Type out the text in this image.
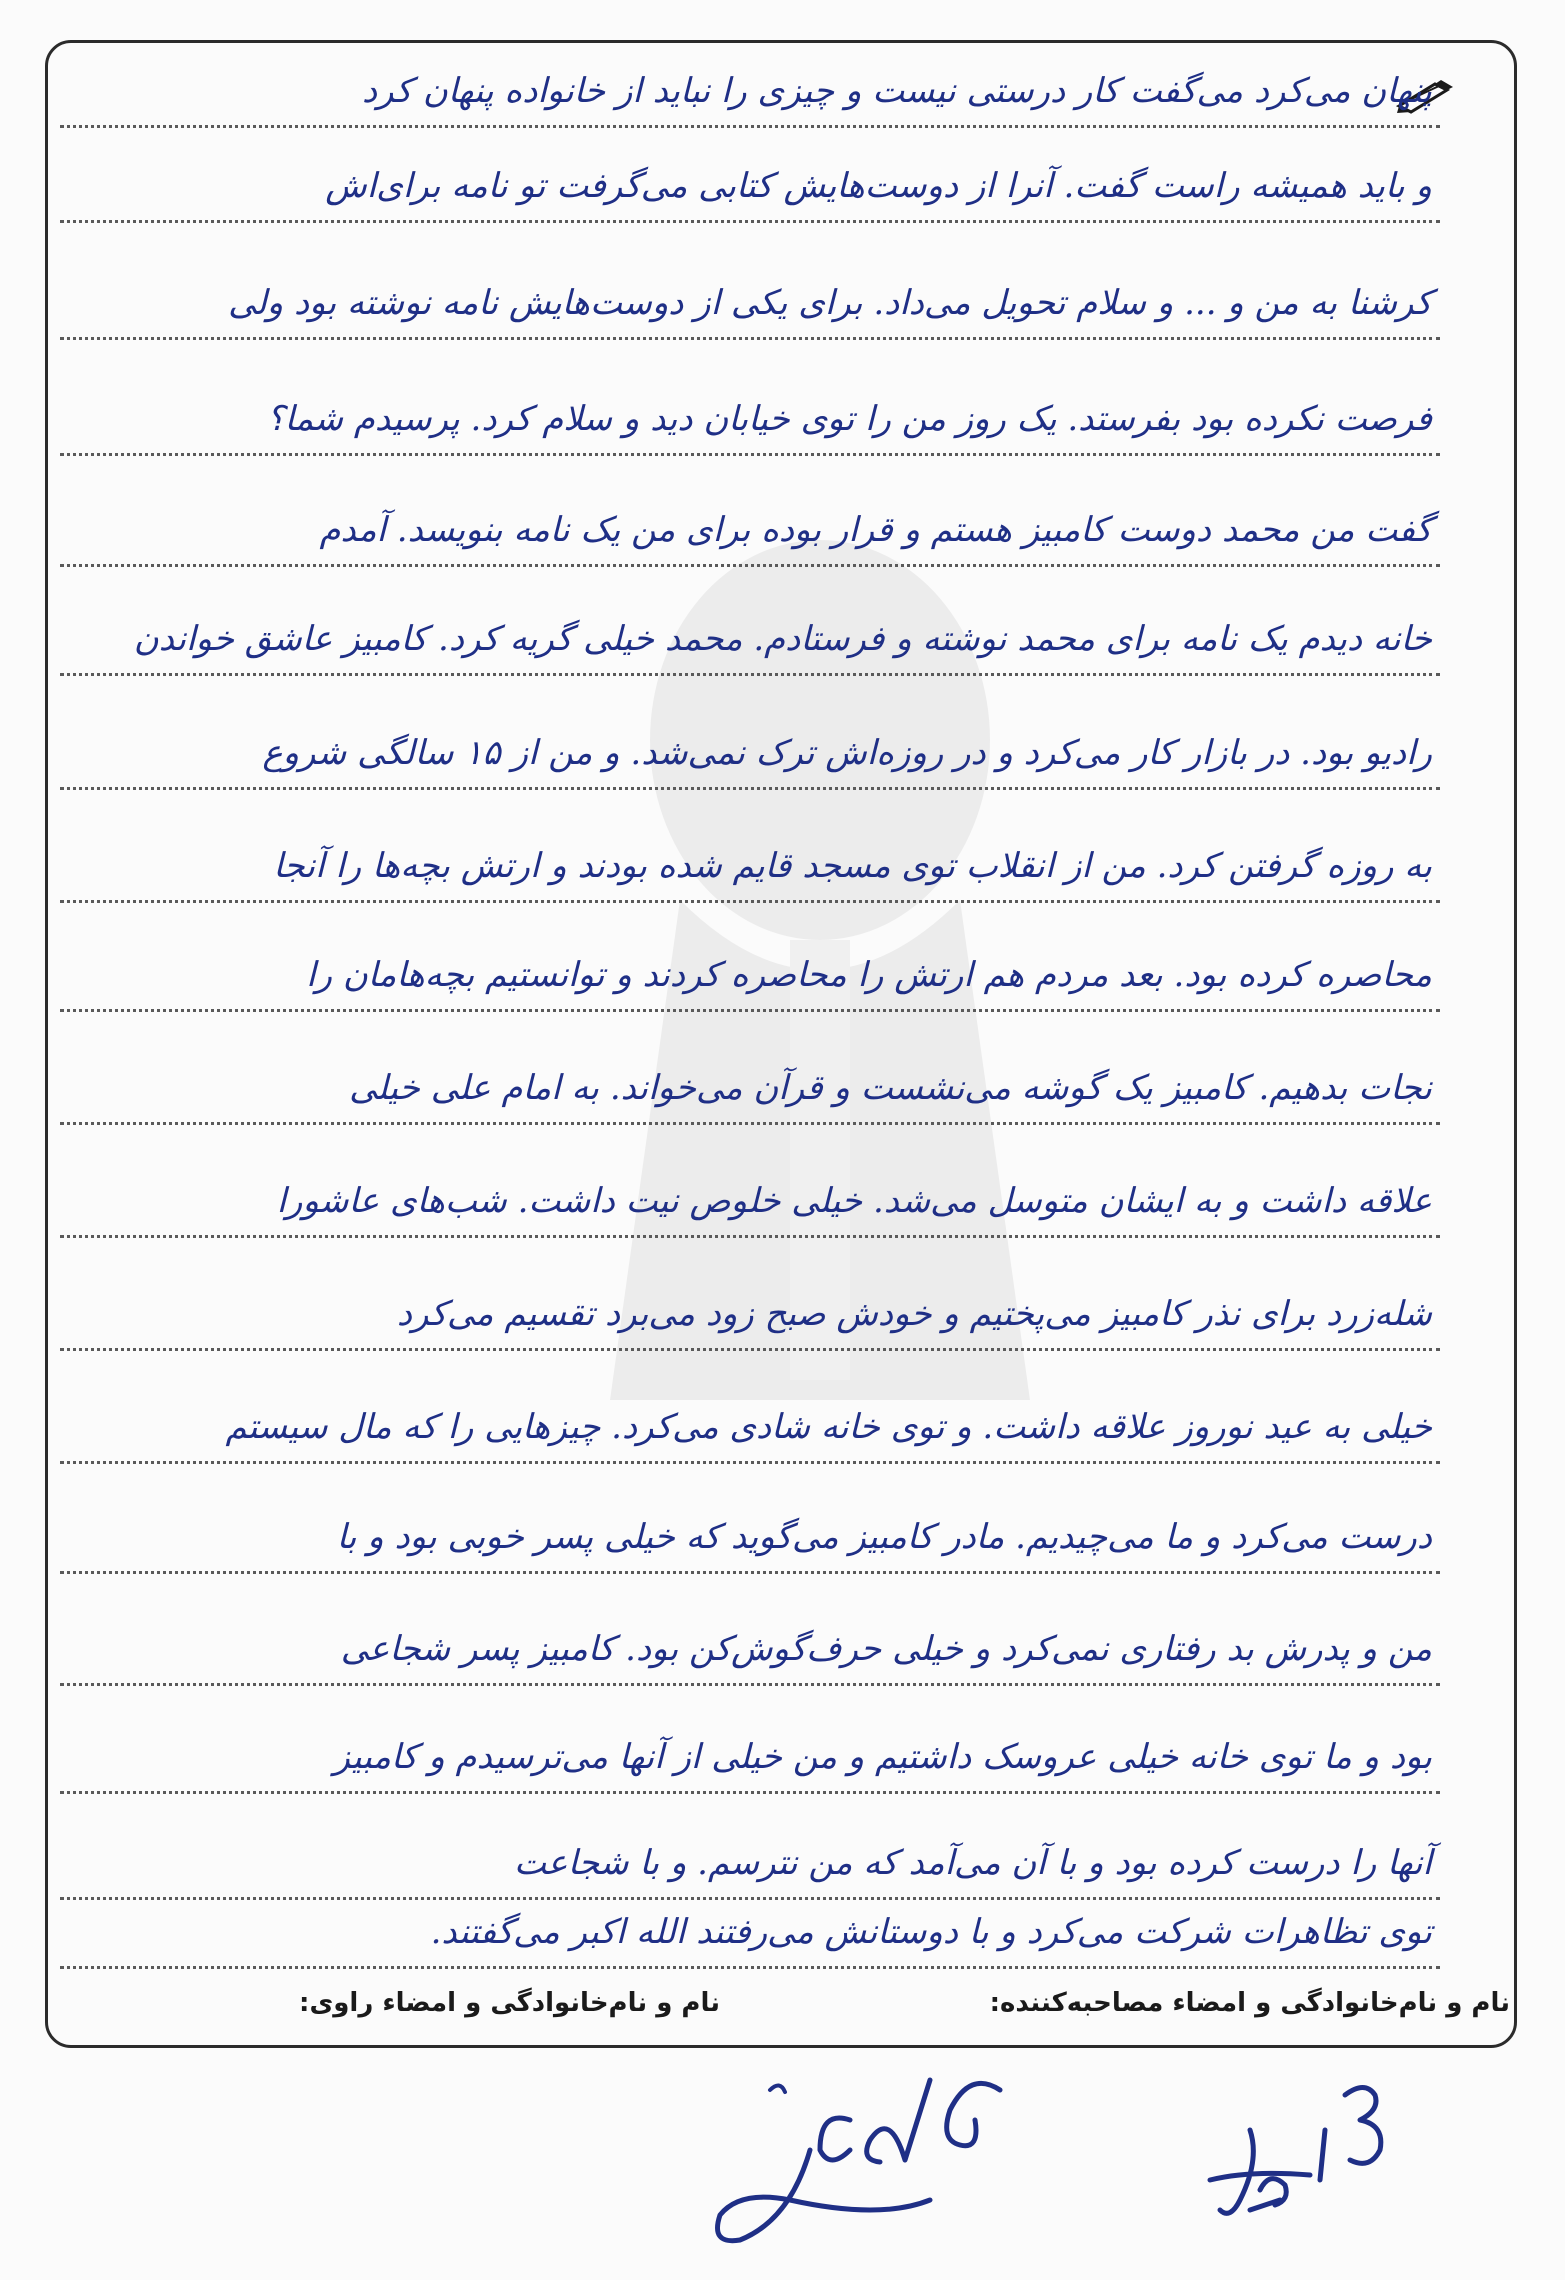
پنهان می‌کرد می‌گفت کار درستی نیست و چیزی را نباید از خانواده پنهان کرد
و باید همیشه راست گفت. آنرا از دوست‌هایش کتابی می‌گرفت تو نامه برای‌اش
کرشنا به من و ... و سلام تحویل می‌داد. برای یکی از دوست‌هایش نامه نوشته بود ولی
فرصت نکرده بود بفرستد. یک روز من را توی خیابان دید و سلام کرد. پرسیدم شما؟
گفت من محمد دوست کامبیز هستم و قرار بوده برای من یک نامه بنویسد. آمدم
خانه دیدم یک نامه برای محمد نوشته و فرستادم. محمد خیلی گریه کرد. کامبیز عاشق خواندن
رادیو بود. در بازار کار می‌کرد و در روزه‌اش ترک نمی‌شد. و من از ۱۵ سالگی شروع
به روزه گرفتن کرد. من از انقلاب توی مسجد قایم شده بودند و ارتش بچه‌ها را آنجا
محاصره کرده بود. بعد مردم هم ارتش را محاصره کردند و توانستیم بچه‌هامان را
نجات بدهیم. کامبیز یک گوشه می‌نشست و قرآن می‌خواند. به امام علی خیلی
علاقه داشت و به ایشان متوسل می‌شد. خیلی خلوص نیت داشت. شب‌های عاشورا
شله‌زرد برای نذر کامبیز می‌پختیم و خودش صبح زود می‌برد تقسیم می‌کرد
خیلی به عید نوروز علاقه داشت. و توی خانه شادی می‌کرد. چیزهایی را که مال سیستم
درست می‌کرد و ما می‌چیدیم. مادر کامبیز می‌گوید که خیلی پسر خوبی بود و با
من و پدرش بد رفتاری نمی‌کرد و خیلی حرف‌گوش‌کن بود. کامبیز پسر شجاعی
بود و ما توی خانه خیلی عروسک داشتیم و من خیلی از آنها می‌ترسیدم و کامبیز
آنها را درست کرده بود و با آن می‌آمد که من نترسم. و با شجاعت
توی تظاهرات شرکت می‌کرد و با دوستانش می‌رفتند الله اکبر می‌گفتند.
نام و نام‌خانوادگی و امضاء مصاحبه‌کننده:
نام و نام‌خانوادگی و امضاء راوی:
